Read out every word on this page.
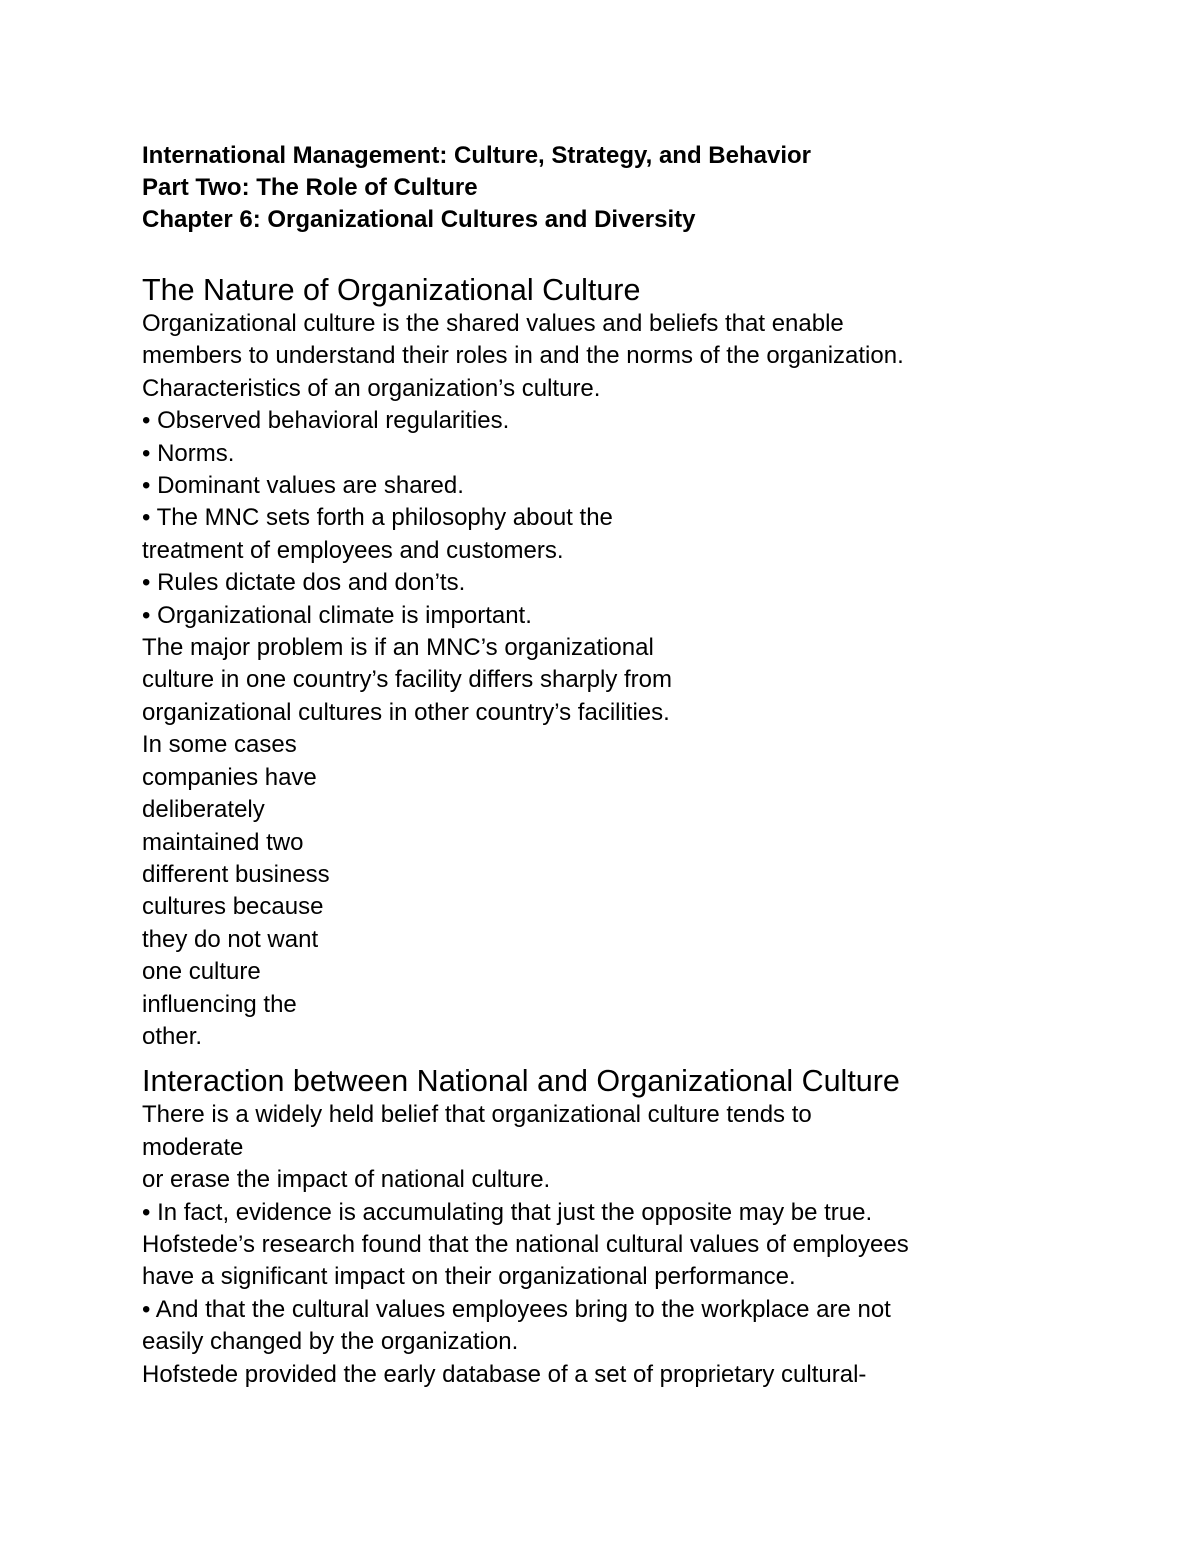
International Management: Culture, Strategy, and Behavior
Part Two: The Role of Culture
Chapter 6: Organizational Cultures and Diversity
The Nature of Organizational Culture
Organizational culture is the shared values and beliefs that enable
members to understand their roles in and the norms of the organization.
Characteristics of an organization’s culture.
• Observed behavioral regularities.
• Norms.
• Dominant values are shared.
• The MNC sets forth a philosophy about the
treatment of employees and customers.
• Rules dictate dos and don’ts.
• Organizational climate is important.
The major problem is if an MNC’s organizational
culture in one country’s facility differs sharply from
organizational cultures in other country’s facilities.
In some cases
companies have
deliberately
maintained two
different business
cultures because
they do not want
one culture
influencing the
other.
Interaction between National and Organizational Culture
There is a widely held belief that organizational culture tends to
moderate
or erase the impact of national culture.
• In fact, evidence is accumulating that just the opposite may be true.
Hofstede’s research found that the national cultural values of employees
have a significant impact on their organizational performance.
• And that the cultural values employees bring to the workplace are not
easily changed by the organization.
Hofstede provided the early database of a set of proprietary cultural-
